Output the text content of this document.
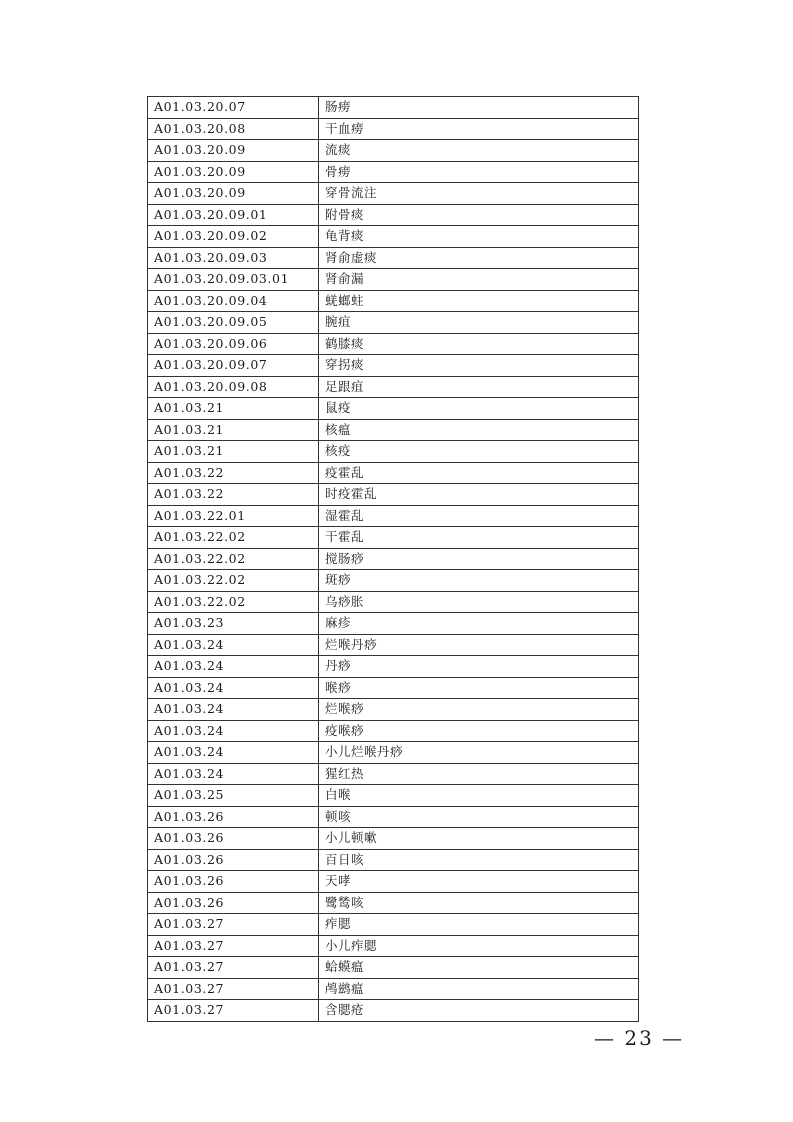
A01.03.20.07	肠痨
A01.03.20.08	干血痨
A01.03.20.09	流痰
A01.03.20.09	骨痨
A01.03.20.09	穿骨流注
A01.03.20.09.01	附骨痰
A01.03.20.09.02	龟背痰
A01.03.20.09.03	肾俞虚痰
A01.03.20.09.03.01	肾俞漏
A01.03.20.09.04	蜣螂蛀
A01.03.20.09.05	腕疽
A01.03.20.09.06	鹤膝痰
A01.03.20.09.07	穿拐痰
A01.03.20.09.08	足跟疽
A01.03.21	鼠疫
A01.03.21	核瘟
A01.03.21	核疫
A01.03.22	疫霍乱
A01.03.22	时疫霍乱
A01.03.22.01	湿霍乱
A01.03.22.02	干霍乱
A01.03.22.02	搅肠痧
A01.03.22.02	斑痧
A01.03.22.02	乌痧胀
A01.03.23	麻疹
A01.03.24	烂喉丹痧
A01.03.24	丹痧
A01.03.24	喉痧
A01.03.24	烂喉痧
A01.03.24	疫喉痧
A01.03.24	小儿烂喉丹痧
A01.03.24	猩红热
A01.03.25	白喉
A01.03.26	顿咳
A01.03.26	小儿顿嗽
A01.03.26	百日咳
A01.03.26	天哮
A01.03.26	鹭鸶咳
A01.03.27	痄腮
A01.03.27	小儿痄腮
A01.03.27	蛤蟆瘟
A01.03.27	鸬鹚瘟
A01.03.27	含腮疮
— 23 —
